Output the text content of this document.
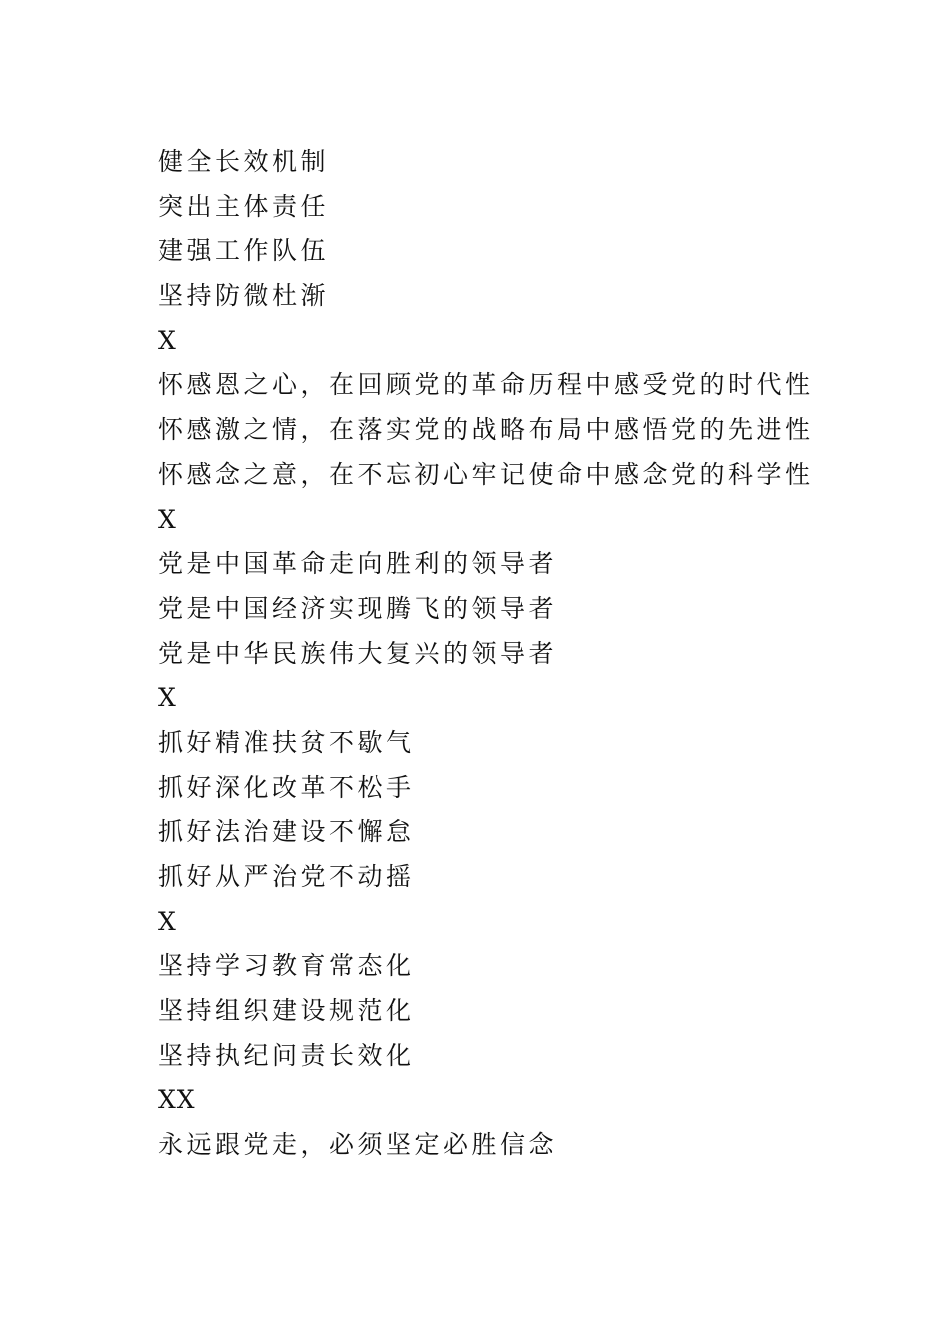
健全长效机制
突出主体责任
建强工作队伍
坚持防微杜渐
X
怀感恩之心，在回顾党的革命历程中感受党的时代性
怀感激之情，在落实党的战略布局中感悟党的先进性
怀感念之意，在不忘初心牢记使命中感念党的科学性
X
党是中国革命走向胜利的领导者
党是中国经济实现腾飞的领导者
党是中华民族伟大复兴的领导者
X
抓好精准扶贫不歇气
抓好深化改革不松手
抓好法治建设不懈怠
抓好从严治党不动摇
X
坚持学习教育常态化
坚持组织建设规范化
坚持执纪问责长效化
XX
永远跟党走，必须坚定必胜信念
